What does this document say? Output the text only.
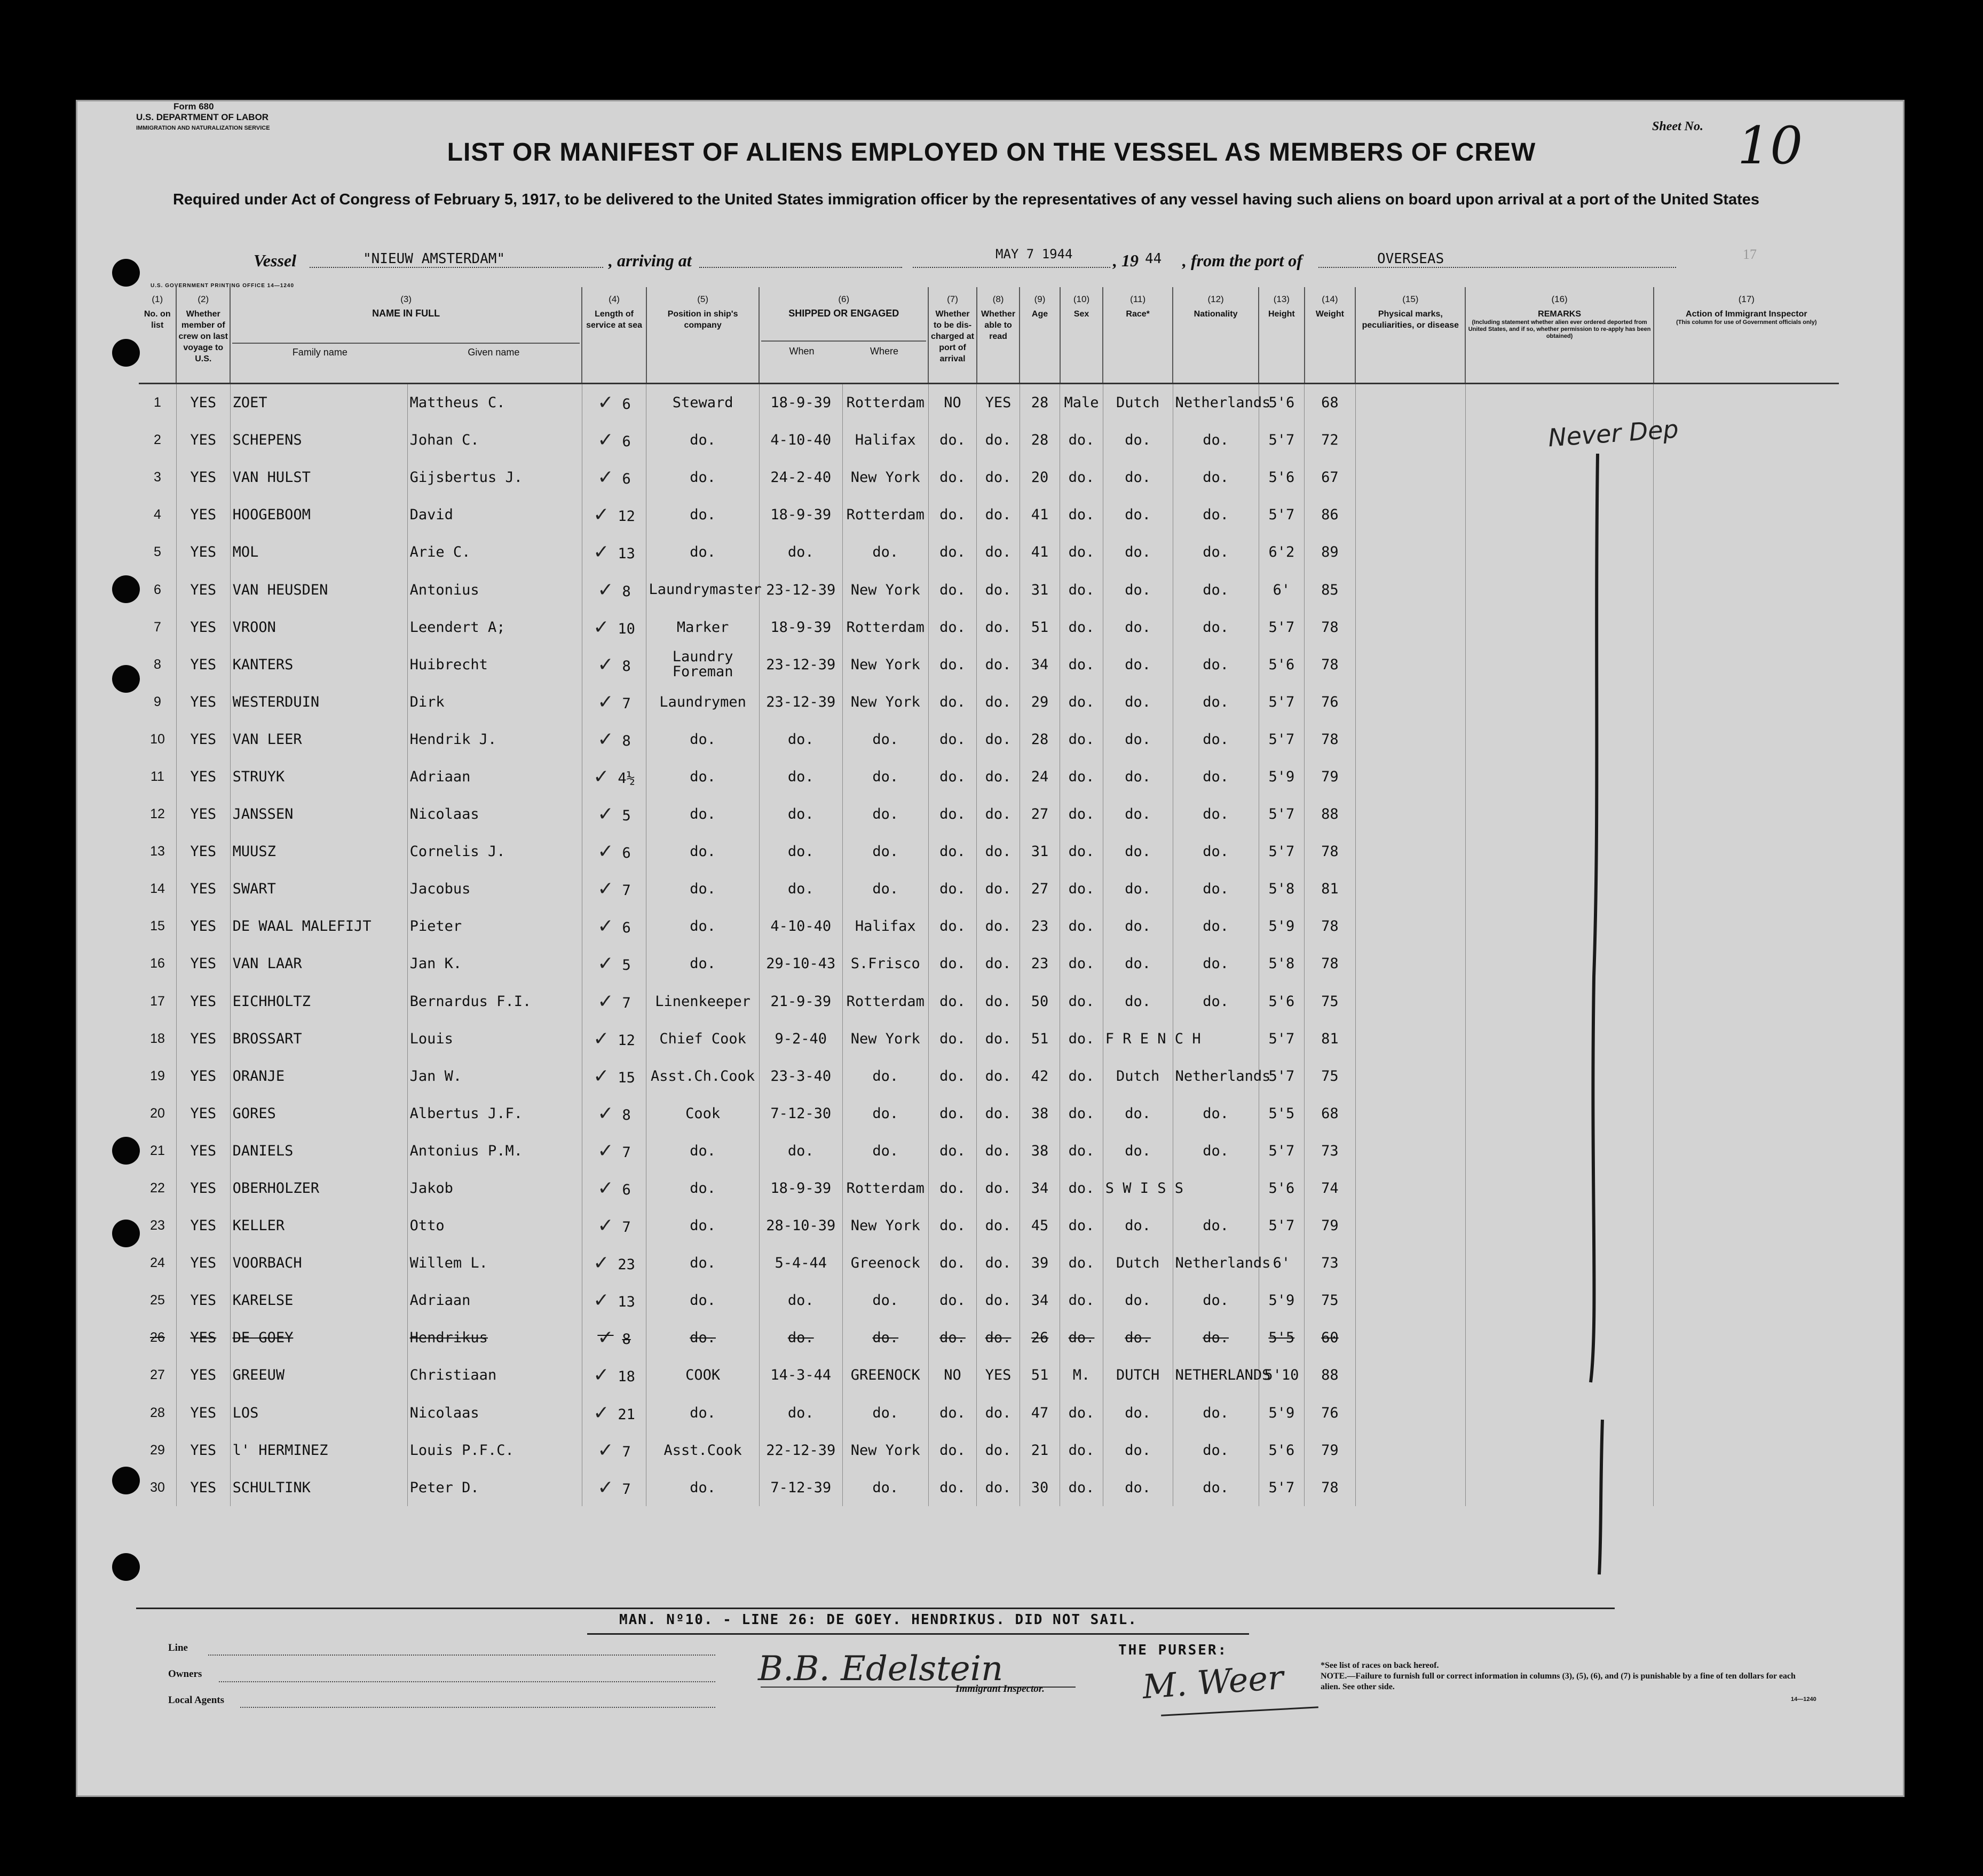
Form 680
U.S. DEPARTMENT OF LABOR
IMMIGRATION AND NATURALIZATION SERVICE	Sheet No. 10
LIST OR MANIFEST OF ALIENS EMPLOYED ON THE VESSEL AS MEMBERS OF CREW
Required under Act of Congress of February 5, 1917, to be delivered to the United States immigration officer by the representatives of any vessel having such aliens on board upon arrival at a port of the United States
Vessel	"NIEUW AMSTERDAM"	, arriving at	MAY 7 1944 , 19 44 , from the port of	OVERSEAS	17
U.S. GOVERNMENT PRINTING OFFICE 14—1240
(1)
No. on list	(2)
Whether member of crew on last voyage to U.S.	(3)
NAME IN FULL
Family name Given name		(4)
Length of service at sea	(5)
Position in ship's company	(6)
SHIPPED OR ENGAGED
When Where		(7)
Whether to be dis-charged at port of arrival	(8)
Whether able to read	(9)
Age	(10)
Sex	(11)
Race*	(12)
Nationality	(13)
Height	(14)
Weight	(15)
Physical marks, peculiarities, or disease	(16)
REMARKS
(Including statement whether alien ever ordered deported from United States, and if so, whether permission to re-apply has been obtained)	(17)
Action of Immigrant Inspector
(This column for use of Government officials only)

1	YES	ZOET	Mattheus C.	✓ 6	Steward	18-9-39	Rotterdam	NO	YES	28	Male	Dutch	Netherlands	5'6	68			
2	YES	SCHEPENS	Johan C.	✓ 6	do.	4-10-40	Halifax	do.	do.	28	do.	do.	do.	5'7	72			
3	YES	VAN HULST	Gijsbertus J.	✓ 6	do.	24-2-40	New York	do.	do.	20	do.	do.	do.	5'6	67			
4	YES	HOOGEBOOM	David	✓ 12	do.	18-9-39	Rotterdam	do.	do.	41	do.	do.	do.	5'7	86			
5	YES	MOL	Arie C.	✓ 13	do.	do.	do.	do.	do.	41	do.	do.	do.	6'2	89			
6	YES	VAN HEUSDEN	Antonius	✓ 8	Laundrymaster	23-12-39	New York	do.	do.	31	do.	do.	do.	6'	85			
7	YES	VROON	Leendert A;	✓ 10	Marker	18-9-39	Rotterdam	do.	do.	51	do.	do.	do.	5'7	78			
8	YES	KANTERS	Huibrecht	✓ 8	Laundry Foreman	23-12-39	New York	do.	do.	34	do.	do.	do.	5'6	78			
9	YES	WESTERDUIN	Dirk	✓ 7	Laundrymen	23-12-39	New York	do.	do.	29	do.	do.	do.	5'7	76			
10	YES	VAN LEER	Hendrik J.	✓ 8	do.	do.	do.	do.	do.	28	do.	do.	do.	5'7	78			
11	YES	STRUYK	Adriaan	✓ 4½	do.	do.	do.	do.	do.	24	do.	do.	do.	5'9	79			
12	YES	JANSSEN	Nicolaas	✓ 5	do.	do.	do.	do.	do.	27	do.	do.	do.	5'7	88			
13	YES	MUUSZ	Cornelis J.	✓ 6	do.	do.	do.	do.	do.	31	do.	do.	do.	5'7	78			
14	YES	SWART	Jacobus	✓ 7	do.	do.	do.	do.	do.	27	do.	do.	do.	5'8	81			
15	YES	DE WAAL MALEFIJT	Pieter	✓ 6	do.	4-10-40	Halifax	do.	do.	23	do.	do.	do.	5'9	78			
16	YES	VAN LAAR	Jan K.	✓ 5	do.	29-10-43	S.Frisco	do.	do.	23	do.	do.	do.	5'8	78			
17	YES	EICHHOLTZ	Bernardus F.I.	✓ 7	Linenkeeper	21-9-39	Rotterdam	do.	do.	50	do.	do.	do.	5'6	75			
18	YES	BROSSART	Louis	✓ 12	Chief Cook	9-2-40	New York	do.	do.	51	do.	F R E N C H		5'7	81			
19	YES	ORANJE	Jan W.	✓ 15	Asst.Ch.Cook	23-3-40	do.	do.	do.	42	do.	Dutch	Netherlands	5'7	75			
20	YES	GORES	Albertus J.F.	✓ 8	Cook	7-12-30	do.	do.	do.	38	do.	do.	do.	5'5	68			
21	YES	DANIELS	Antonius P.M.	✓ 7	do.	do.	do.	do.	do.	38	do.	do.	do.	5'7	73			
22	YES	OBERHOLZER	Jakob	✓ 6	do.	18-9-39	Rotterdam	do.	do.	34	do.	S W I S S		5'6	74			
23	YES	KELLER	Otto	✓ 7	do.	28-10-39	New York	do.	do.	45	do.	do.	do.	5'7	79			
24	YES	VOORBACH	Willem L.	✓ 23	do.	5-4-44	Greenock	do.	do.	39	do.	Dutch	Netherlands	6'	73			
25	YES	KARELSE	Adriaan	✓ 13	do.	do.	do.	do.	do.	34	do.	do.	do.	5'9	75			
26	YES	DE GOEY	Hendrikus	✓ 8	do.	do.	do.	do.	do.	26	do.	do.	do.	5'5	60			
27	YES	GREEUW	Christiaan	✓ 18	COOK	14-3-44	GREENOCK	NO	YES	51	M.	DUTCH	NETHERLANDS	5'10	88			
28	YES	LOS	Nicolaas	✓ 21	do.	do.	do.	do.	do.	47	do.	do.	do.	5'9	76			
29	YES	l' HERMINEZ	Louis P.F.C.	✓ 7	Asst.Cook	22-12-39	New York	do.	do.	21	do.	do.	do.	5'6	79			
30	YES	SCHULTINK	Peter D.	✓ 7	do.	7-12-39	do.	do.	do.	30	do.	do.	do.	5'7	78			
Never Dep
MAN. Nº10. - LINE 26: DE GOEY. HENDRIKUS. DID NOT SAIL.
Line
Owners
Local Agents
B.B. Edelstein
Immigrant Inspector.
THE PURSER:
M. Weer	*See list of races on back hereof.
NOTE.—Failure to furnish full or correct information in columns (3), (5), (6), and (7) is punishable by a fine of ten dollars for each alien. See other side.
14—1240
